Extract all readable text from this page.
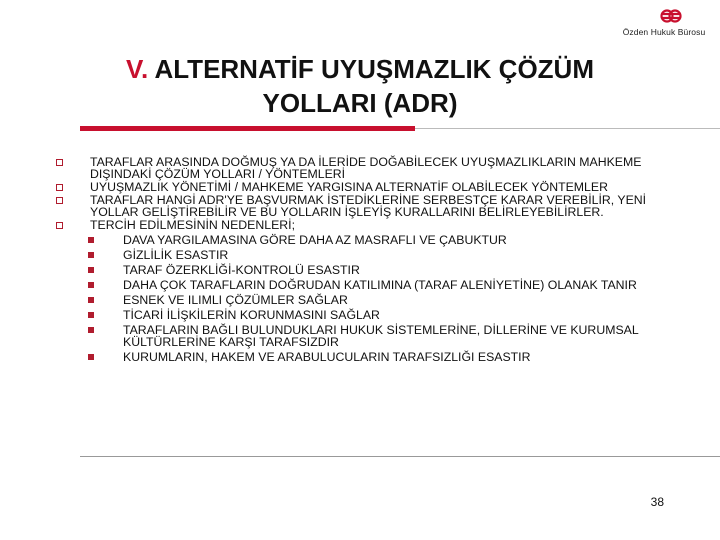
Özden Hukuk Bürosu
V. ALTERNATİF UYUŞMAZLIK ÇÖZÜM
YOLLARI (ADR)
TARAFLAR ARASINDA DOĞMUŞ YA DA İLERİDE DOĞABİLECEK UYUŞMAZLIKLARIN MAHKEME DIŞINDAKİ ÇÖZÜM YOLLARI / YÖNTEMLERİ
UYUŞMAZLIK YÖNETİMİ / MAHKEME YARGISINA ALTERNATİF OLABİLECEK YÖNTEMLER
TARAFLAR HANGİ ADR'YE BAŞVURMAK İSTEDİKLERİNE SERBESTÇE KARAR VEREBİLİR, YENİ YOLLAR GELİŞTİREBİLİR VE BU YOLLARIN İŞLEYİŞ KURALLARINI BELİRLEYEBİLİRLER.
TERCİH EDİLMESİNİN NEDENLERİ;
DAVA YARGILAMASINA GÖRE DAHA AZ MASRAFLI VE ÇABUKTUR
GİZLİLİK ESASTIR
TARAF ÖZERKLİĞİ-KONTROLÜ ESASTIR
DAHA ÇOK TARAFLARIN DOĞRUDAN KATILIMINA (TARAF ALENİYETİNE) OLANAK TANIR
ESNEK VE ILIMLI ÇÖZÜMLER SAĞLAR
TİCARİ İLİŞKİLERİN KORUNMASINI SAĞLAR
TARAFLARIN BAĞLI BULUNDUKLARI HUKUK SİSTEMLERİNE, DİLLERİNE VE KURUMSAL KÜLTÜRLERİNE KARŞI TARAFSIZDIR
KURUMLARIN, HAKEM VE ARABULUCULARIN TARAFSIZLIĞI ESASTIR
38
